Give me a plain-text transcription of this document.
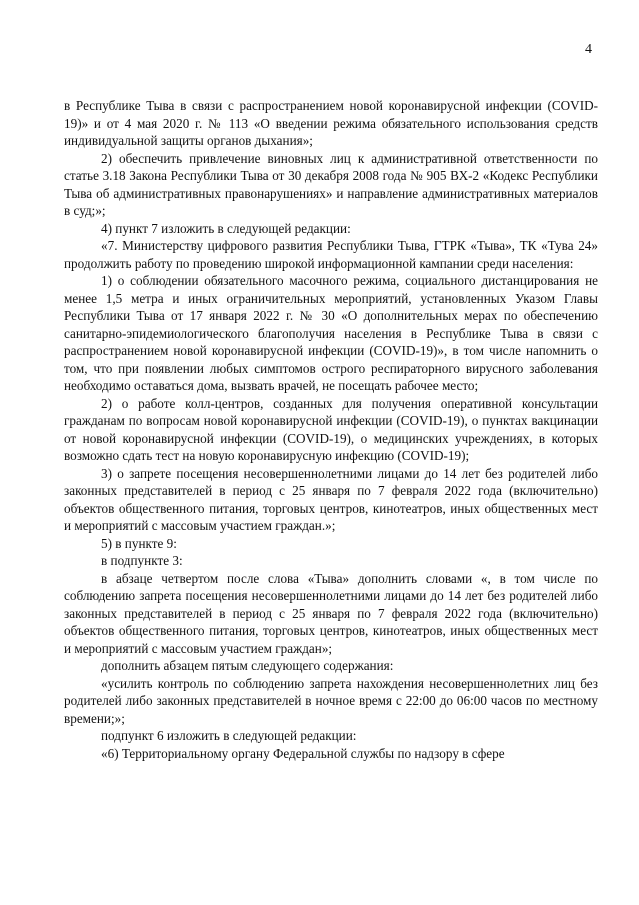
4

в Республике Тыва в связи с распространением новой коронавирусной инфекции (COVID-19)» и от 4 мая 2020 г. № 113 «О введении режима обязательного использования средств индивидуальной защиты органов дыхания»;

2) обеспечить привлечение виновных лиц к административной ответственности по статье 3.18 Закона Республики Тыва от 30 декабря 2008 года № 905 ВХ-2 «Кодекс Республики Тыва об административных правонарушениях» и направление административных материалов в суд;»;

4) пункт 7 изложить в следующей редакции:

«7. Министерству цифрового развития Республики Тыва, ГТРК «Тыва», ТК «Тува 24» продолжить работу по проведению широкой информационной кампании среди населения:

1) о соблюдении обязательного масочного режима, социального дистанцирования не менее 1,5 метра и иных ограничительных мероприятий, установленных Указом Главы Республики Тыва от 17 января 2022 г. № 30 «О дополнительных мерах по обеспечению санитарно-эпидемиологического благополучия населения в Республике Тыва в связи с распространением новой коронавирусной инфекции (COVID-19)», в том числе напомнить о том, что при появлении любых симптомов острого респираторного вирусного заболевания необходимо оставаться дома, вызвать врачей, не посещать рабочее место;

2) о работе колл-центров, созданных для получения оперативной консультации гражданам по вопросам новой коронавирусной инфекции (COVID-19), о пунктах вакцинации от новой коронавирусной инфекции (COVID-19), о медицинских учреждениях, в которых возможно сдать тест на новую коронавирусную инфекцию (COVID-19);

3) о запрете посещения несовершеннолетними лицами до 14 лет без родителей либо законных представителей в период с 25 января по 7 февраля 2022 года (включительно) объектов общественного питания, торговых центров, кинотеатров, иных общественных мест и мероприятий с массовым участием граждан.»;

5) в пункте 9:

в подпункте 3:

в абзаце четвертом после слова «Тыва» дополнить словами «, в том числе по соблюдению запрета посещения несовершеннолетними лицами до 14 лет без родителей либо законных представителей в период с 25 января по 7 февраля 2022 года (включительно) объектов общественного питания, торговых центров, кинотеатров, иных общественных мест и мероприятий с массовым участием граждан»;

дополнить абзацем пятым следующего содержания:

«усилить контроль по соблюдению запрета нахождения несовершеннолетних лиц без родителей либо законных представителей в ночное время с 22:00 до 06:00 часов по местному времени;»;

подпункт 6 изложить в следующей редакции:

«6) Территориальному органу Федеральной службы по надзору в сфере
